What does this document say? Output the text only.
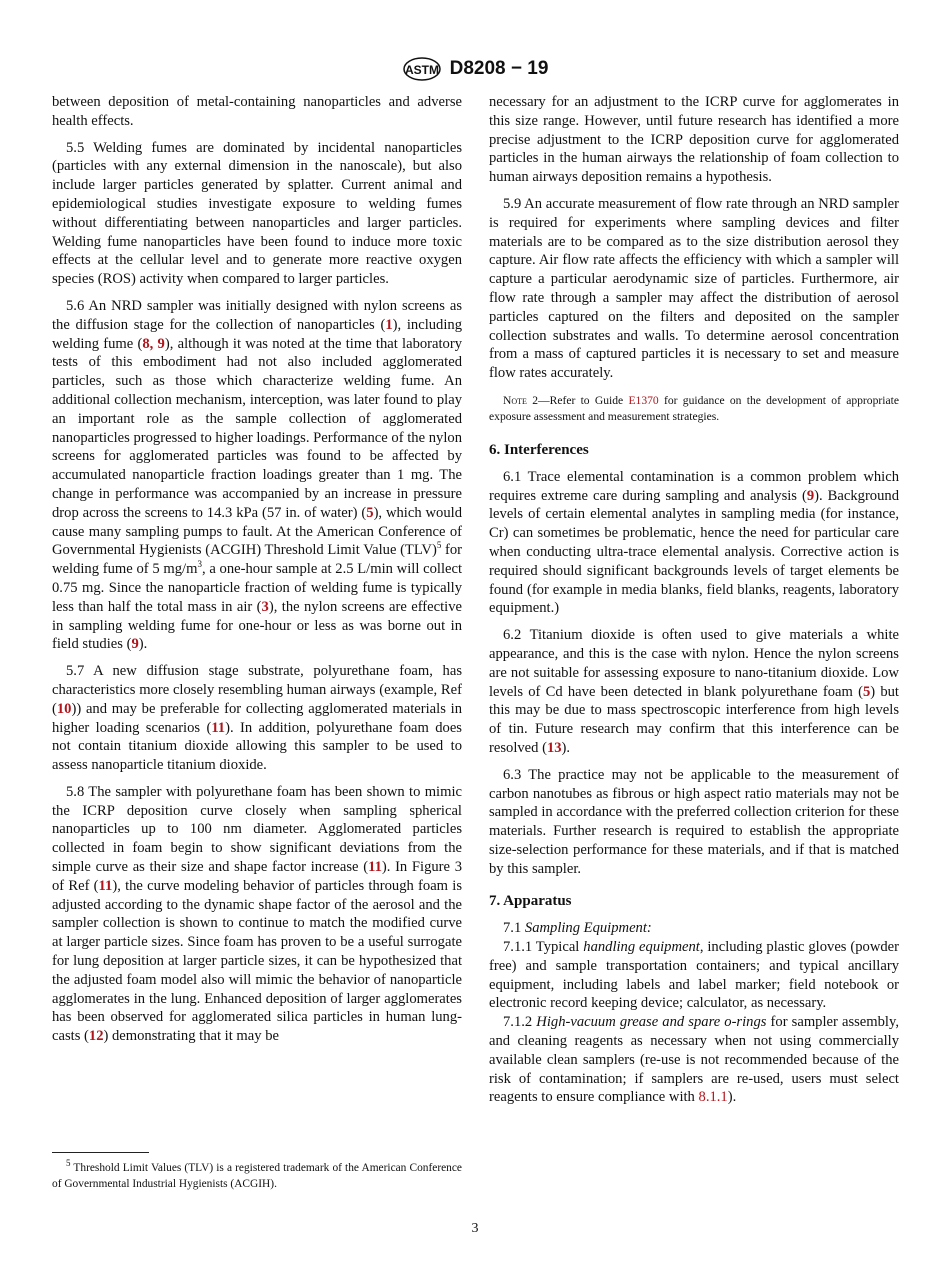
ASTM D8208 − 19

between deposition of metal-containing nanoparticles and adverse health effects.

5.5 Welding fumes are dominated by incidental nanoparticles (particles with any external dimension in the nanoscale), but also include larger particles generated by splatter. Current animal and epidemiological studies investigate exposure to welding fumes without differentiating between nanoparticles and larger particles. Welding fume nanoparticles have been found to induce more toxic effects at the cellular level and to generate more reactive oxygen species (ROS) activity when compared to larger particles.

5.6 An NRD sampler was initially designed with nylon screens as the diffusion stage for the collection of nanoparticles (1), including welding fume (8, 9), although it was noted at the time that laboratory tests of this embodiment had not also included agglomerated particles, such as those which characterize welding fume. An additional collection mechanism, interception, was later found to play an important role as the sample collection of agglomerated nanoparticles progressed to higher loadings. Performance of the nylon screens for agglomerated particles was found to be affected by accumulated nanoparticle fraction loadings greater than 1 mg. The change in performance was accompanied by an increase in pressure drop across the screens to 14.3 kPa (57 in. of water) (5), which would cause many sampling pumps to fault. At the American Conference of Governmental Hygienists (ACGIH) Threshold Limit Value (TLV)$^5$ for welding fume of 5 $mg/m^3$, a one-hour sample at 2.5 L/min will collect 0.75 mg. Since the nanoparticle fraction of welding fume is typically less than half the total mass in air (3), the nylon screens are effective in sampling welding fume for one-hour or less as was borne out in field studies (9).

5.7 A new diffusion stage substrate, polyurethane foam, has characteristics more closely resembling human airways (example, Ref (10)) and may be preferable for collecting agglomerated materials in higher loading scenarios (11). In addition, polyurethane foam does not contain titanium dioxide allowing this sampler to be used to assess nanoparticle titanium dioxide.

5.8 The sampler with polyurethane foam has been shown to mimic the ICRP deposition curve closely when sampling spherical nanoparticles up to 100 nm diameter. Agglomerated particles collected in foam begin to show significant deviations from the simple curve as their size and shape factor increase (11). In Figure 3 of Ref (11), the curve modeling behavior of particles through foam is adjusted according to the dynamic shape factor of the aerosol and the sampler collection is shown to continue to match the modified curve at larger particle sizes. Since foam has proven to be a useful surrogate for lung deposition at larger particle sizes, it can be hypothesized that the adjusted foam model also will mimic the behavior of nanoparticle agglomerates in the lung. Enhanced deposition of larger agglomerates has been observed for agglomerated silica particles in human lung-casts (12) demonstrating that it may be

$^5$ Threshold Limit Values (TLV) is a registered trademark of the American Conference of Governmental Industrial Hygienists (ACGIH).

necessary for an adjustment to the ICRP curve for agglomerates in this size range. However, until future research has identified a more precise adjustment to the ICRP deposition curve for agglomerated particles in the human airways the relationship of foam collection to human airways deposition remains a hypothesis.

5.9 An accurate measurement of flow rate through an NRD sampler is required for experiments where sampling devices and filter materials are to be compared as to the size distribution aerosol they capture. Air flow rate affects the efficiency with which a sampler will capture a particular aerodynamic size of particles. Furthermore, air flow rate through a sampler may affect the distribution of aerosol particles captured on the filters and deposited on the sampler collection substrates and walls. To determine aerosol concentration from a mass of captured particles it is necessary to set and measure flow rates accurately.

Note 2—Refer to Guide E1370 for guidance on the development of appropriate exposure assessment and measurement strategies.

6. Interferences

6.1 Trace elemental contamination is a common problem which requires extreme care during sampling and analysis (9). Background levels of certain elemental analytes in sampling media (for instance, Cr) can sometimes be problematic, hence the need for particular care when conducting ultra-trace elemental analysis. Corrective action is required should significant backgrounds levels of target elements be found (for example in media blanks, field blanks, reagents, laboratory equipment.)

6.2 Titanium dioxide is often used to give materials a white appearance, and this is the case with nylon. Hence the nylon screens are not suitable for assessing exposure to nano-titanium dioxide. Low levels of Cd have been detected in blank polyurethane foam (5) but this may be due to mass spectroscopic interference from high levels of tin. Future research may confirm that this interference can be resolved (13).

6.3 The practice may not be applicable to the measurement of carbon nanotubes as fibrous or high aspect ratio materials may not be sampled in accordance with the preferred collection criterion for these materials. Further research is required to establish the appropriate size-selection performance for these materials, and if that is matched by this sampler.

7. Apparatus

7.1 Sampling Equipment:

7.1.1 Typical handling equipment, including plastic gloves (powder free) and sample transportation containers; and typical ancillary equipment, including labels and label marker; field notebook or electronic record keeping device; calculator, as necessary.

7.1.2 High-vacuum grease and spare o-rings for sampler assembly, and cleaning reagents as necessary when not using commercially available clean samplers (re-use is not recommended because of the risk of contamination; if samplers are re-used, users must select reagents to ensure compliance with 8.1.1).

3
